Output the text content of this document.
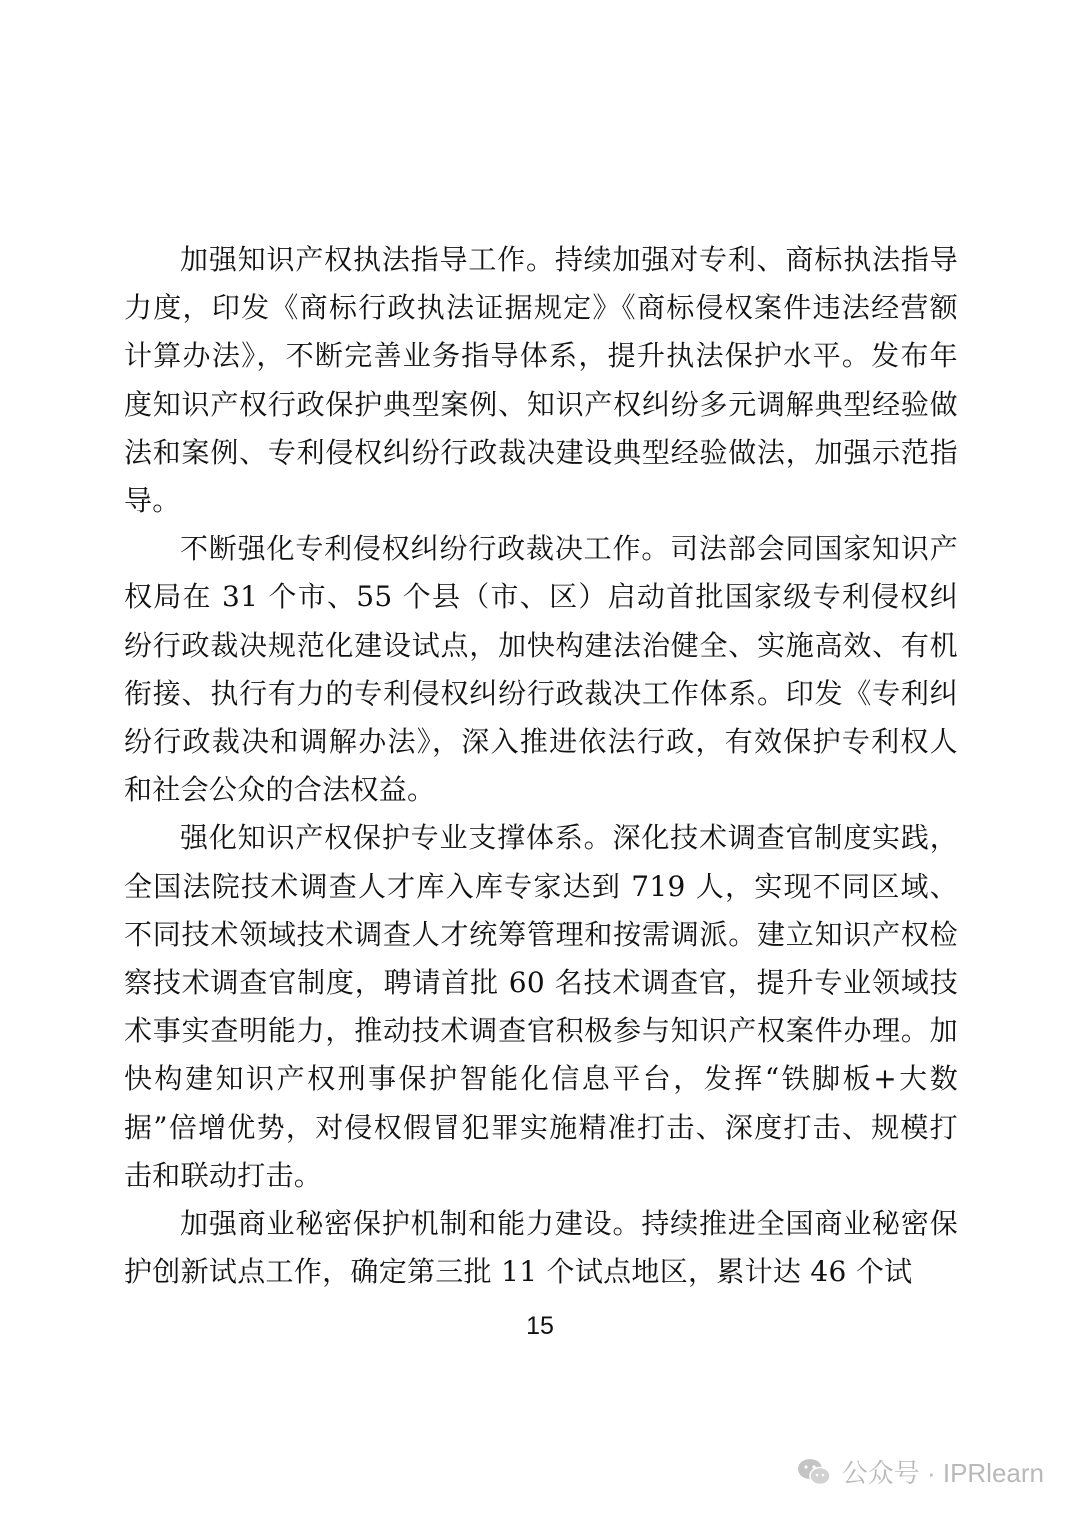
加强知识产权执法指导工作。持续加强对专利、商标执法指导力度，印发《商标行政执法证据规定》《商标侵权案件违法经营额计算办法》，不断完善业务指导体系，提升执法保护水平。发布年度知识产权行政保护典型案例、知识产权纠纷多元调解典型经验做法和案例、专利侵权纠纷行政裁决建设典型经验做法，加强示范指导。

不断强化专利侵权纠纷行政裁决工作。司法部会同国家知识产权局在 31 个市、55 个县（市、区）启动首批国家级专利侵权纠纷行政裁决规范化建设试点，加快构建法治健全、实施高效、有机衔接、执行有力的专利侵权纠纷行政裁决工作体系。印发《专利纠纷行政裁决和调解办法》，深入推进依法行政，有效保护专利权人和社会公众的合法权益。

强化知识产权保护专业支撑体系。深化技术调查官制度实践，全国法院技术调查人才库入库专家达到 719 人，实现不同区域、不同技术领域技术调查人才统筹管理和按需调派。建立知识产权检察技术调查官制度，聘请首批 60 名技术调查官，提升专业领域技术事实查明能力，推动技术调查官积极参与知识产权案件办理。加快构建知识产权刑事保护智能化信息平台，发挥“铁脚板+大数据”倍增优势，对侵权假冒犯罪实施精准打击、深度打击、规模打击和联动打击。

加强商业秘密保护机制和能力建设。持续推进全国商业秘密保护创新试点工作，确定第三批 11 个试点地区，累计达 46 个试

15
公众号 · IPRlearn
